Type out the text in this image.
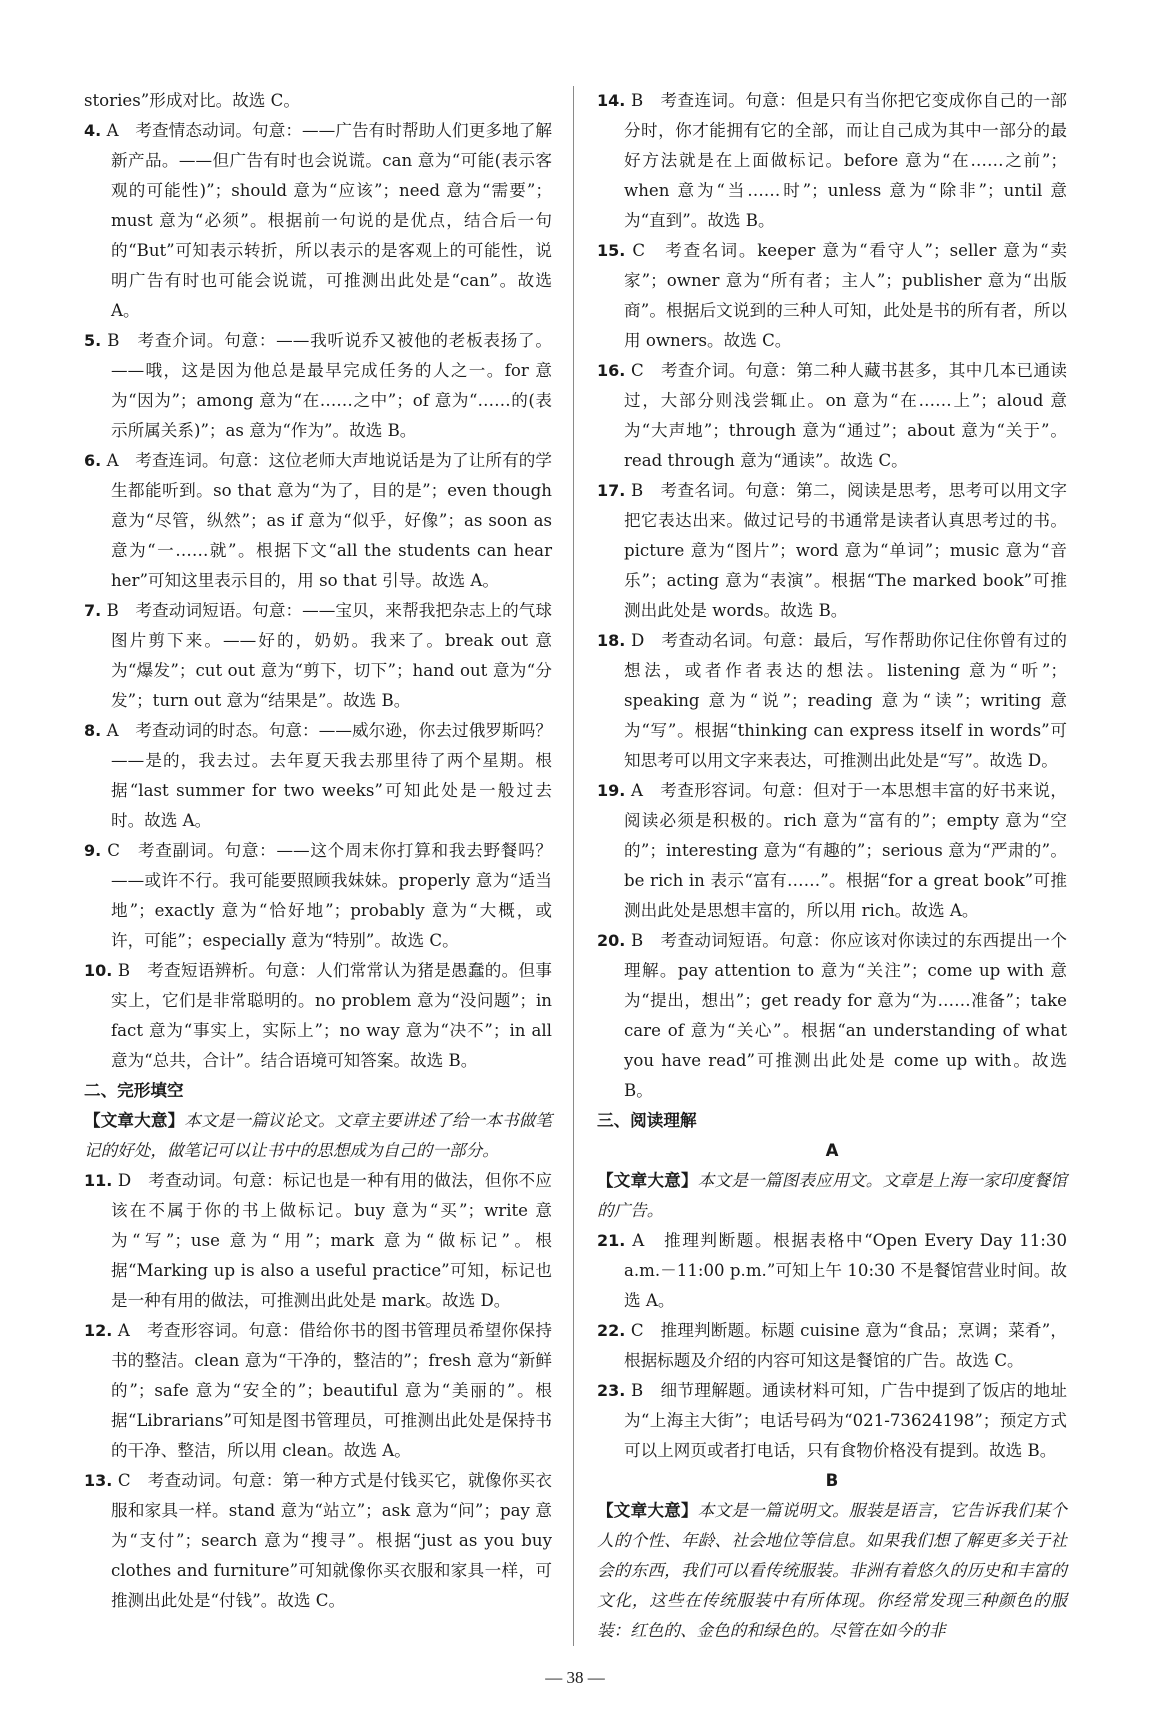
stories”形成对比。故选 C。

4. A　考查情态动词。句意：——广告有时帮助人们更多地了解新产品。——但广告有时也会说谎。can 意为“可能(表示客观的可能性)”；should 意为“应该”；need 意为“需要”；must 意为“必须”。根据前一句说的是优点，结合后一句的“But”可知表示转折，所以表示的是客观上的可能性，说明广告有时也可能会说谎，可推测出此处是“can”。故选 A。

5. B　考查介词。句意：——我听说乔又被他的老板表扬了。——哦，这是因为他总是最早完成任务的人之一。for 意为“因为”；among 意为“在……之中”；of 意为“……的(表示所属关系)”；as 意为“作为”。故选 B。

6. A　考查连词。句意：这位老师大声地说话是为了让所有的学生都能听到。so that 意为“为了，目的是”；even though 意为“尽管，纵然”；as if 意为“似乎，好像”；as soon as 意为“一……就”。根据下文“all the students can hear her”可知这里表示目的，用 so that 引导。故选 A。

7. B　考查动词短语。句意：——宝贝，来帮我把杂志上的气球图片剪下来。——好的，奶奶。我来了。break out 意为“爆发”；cut out 意为“剪下，切下”；hand out 意为“分发”；turn out 意为“结果是”。故选 B。

8. A　考查动词的时态。句意：——威尔逊，你去过俄罗斯吗？——是的，我去过。去年夏天我去那里待了两个星期。根据“last summer for two weeks”可知此处是一般过去时。故选 A。

9. C　考查副词。句意：——这个周末你打算和我去野餐吗？——或许不行。我可能要照顾我妹妹。properly 意为“适当地”；exactly 意为“恰好地”；probably 意为“大概，或许，可能”；especially 意为“特别”。故选 C。

10. B　考查短语辨析。句意：人们常常认为猪是愚蠢的。但事实上，它们是非常聪明的。no problem 意为“没问题”；in fact 意为“事实上，实际上”；no way 意为“决不”；in all 意为“总共，合计”。结合语境可知答案。故选 B。

二、完形填空

【文章大意】本文是一篇议论文。文章主要讲述了给一本书做笔记的好处，做笔记可以让书中的思想成为自己的一部分。

11. D　考查动词。句意：标记也是一种有用的做法，但你不应该在不属于你的书上做标记。buy 意为“买”；write 意为“写”；use 意为“用”；mark 意为“做标记”。根据“Marking up is also a useful practice”可知，标记也是一种有用的做法，可推测出此处是 mark。故选 D。

12. A　考查形容词。句意：借给你书的图书管理员希望你保持书的整洁。clean 意为“干净的，整洁的”；fresh 意为“新鲜的”；safe 意为“安全的”；beautiful 意为“美丽的”。根据“Librarians”可知是图书管理员，可推测出此处是保持书的干净、整洁，所以用 clean。故选 A。

13. C　考查动词。句意：第一种方式是付钱买它，就像你买衣服和家具一样。stand 意为“站立”；ask 意为“问”；pay 意为“支付”；search 意为“搜寻”。根据“just as you buy clothes and furniture”可知就像你买衣服和家具一样，可推测出此处是“付钱”。故选 C。

14. B　考查连词。句意：但是只有当你把它变成你自己的一部分时，你才能拥有它的全部，而让自己成为其中一部分的最好方法就是在上面做标记。before 意为“在……之前”；when 意为“当……时”；unless 意为“除非”；until 意为“直到”。故选 B。

15. C　考查名词。keeper 意为“看守人”；seller 意为“卖家”；owner 意为“所有者；主人”；publisher 意为“出版商”。根据后文说到的三种人可知，此处是书的所有者，所以用 owners。故选 C。

16. C　考查介词。句意：第二种人藏书甚多，其中几本已通读过，大部分则浅尝辄止。on 意为“在……上”；aloud 意为“大声地”；through 意为“通过”；about 意为“关于”。read through 意为“通读”。故选 C。

17. B　考查名词。句意：第二，阅读是思考，思考可以用文字把它表达出来。做过记号的书通常是读者认真思考过的书。picture 意为“图片”；word 意为“单词”；music 意为“音乐”；acting 意为“表演”。根据“The marked book”可推测出此处是 words。故选 B。

18. D　考查动名词。句意：最后，写作帮助你记住你曾有过的想法，或者作者表达的想法。listening 意为“听”；speaking 意为“说”；reading 意为“读”；writing 意为“写”。根据“thinking can express itself in words”可知思考可以用文字来表达，可推测出此处是“写”。故选 D。

19. A　考查形容词。句意：但对于一本思想丰富的好书来说，阅读必须是积极的。rich 意为“富有的”；empty 意为“空的”；interesting 意为“有趣的”；serious 意为“严肃的”。be rich in 表示“富有……”。根据“for a great book”可推测出此处是思想丰富的，所以用 rich。故选 A。

20. B　考查动词短语。句意：你应该对你读过的东西提出一个理解。pay attention to 意为“关注”；come up with 意为“提出，想出”；get ready for 意为“为……准备”；take care of 意为“关心”。根据“an understanding of what you have read”可推测出此处是 come up with。故选 B。

三、阅读理解

A

【文章大意】本文是一篇图表应用文。文章是上海一家印度餐馆的广告。

21. A　推理判断题。根据表格中“Open Every Day 11:30 a.m.－11:00 p.m.”可知上午 10:30 不是餐馆营业时间。故选 A。

22. C　推理判断题。标题 cuisine 意为“食品；烹调；菜肴”，根据标题及介绍的内容可知这是餐馆的广告。故选 C。

23. B　细节理解题。通读材料可知，广告中提到了饭店的地址为“上海主大街”；电话号码为“021-73624198”；预定方式可以上网页或者打电话，只有食物价格没有提到。故选 B。

B

【文章大意】本文是一篇说明文。服装是语言，它告诉我们某个人的个性、年龄、社会地位等信息。如果我们想了解更多关于社会的东西，我们可以看传统服装。非洲有着悠久的历史和丰富的文化，这些在传统服装中有所体现。你经常发现三种颜色的服装：红色的、金色的和绿色的。尽管在如今的非

— 38 —
